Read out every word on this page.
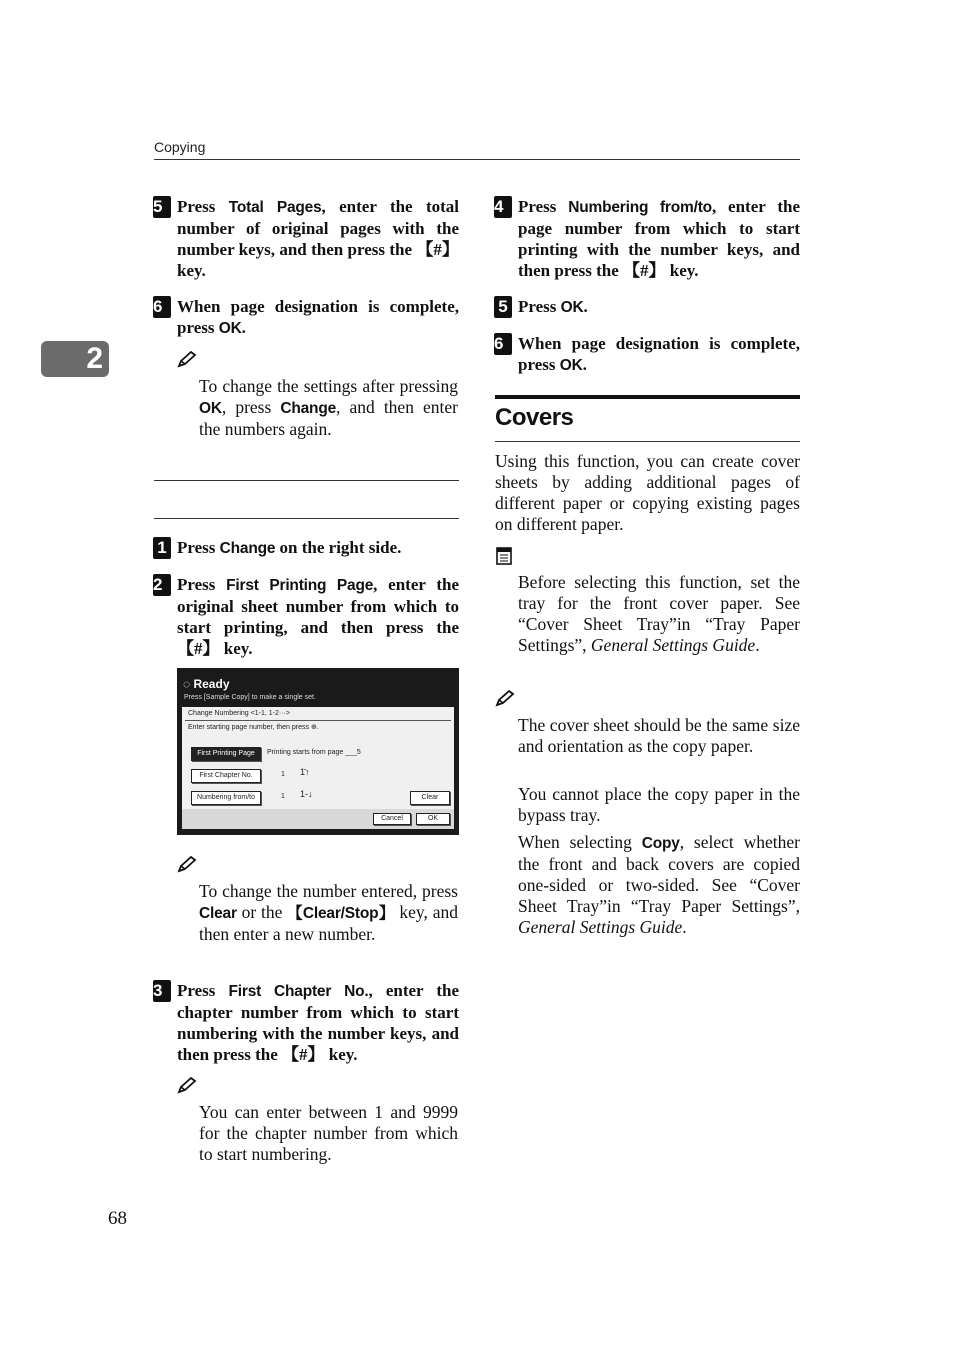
Copying
2
5 Press Total Pages, enter the total number of original pages with the number keys, and then press the 【#】 key.
6 When page designation is complete, press OK.
To change the settings after pressing OK, press Change, and then enter the numbers again.
1 Press Change on the right side.
2 Press First Printing Page, enter the original sheet number from which to start printing, and then press the 【#】 key.
◌ Ready
Press [Sample Copy] to make a single set.
Change Numbering <1-1, 1-2···>
Enter starting page number, then press ⊕.
First Printing Page	Printing starts from page ___5
First Chapter No.	1 1̄↑
Numbering from/to	1 1-↓	Clear
Cancel	OK
To change the number entered, press Clear or the 【Clear/Stop】 key, and then enter a new number.
3 Press First Chapter No., enter the chapter number from which to start numbering with the number keys, and then press the 【#】 key.
You can enter between 1 and 9999 for the chapter number from which to start numbering.
4 Press Numbering from/to, enter the page number from which to start printing with the number keys, and then press the 【#】 key.
5 Press OK.
6 When page designation is complete, press OK.
Covers
Using this function, you can create cover sheets by adding additional pages of different paper or copying existing pages on different paper.
Before selecting this function, set the tray for the front cover paper. See “Cover Sheet Tray”in “Tray Paper Settings”, General Settings Guide.
The cover sheet should be the same size and orientation as the copy paper.
You cannot place the copy paper in the bypass tray.
When selecting Copy, select whether the front and back covers are copied one-sided or two-sided. See “Cover Sheet Tray”in “Tray Paper Settings”, General Settings Guide.
68
